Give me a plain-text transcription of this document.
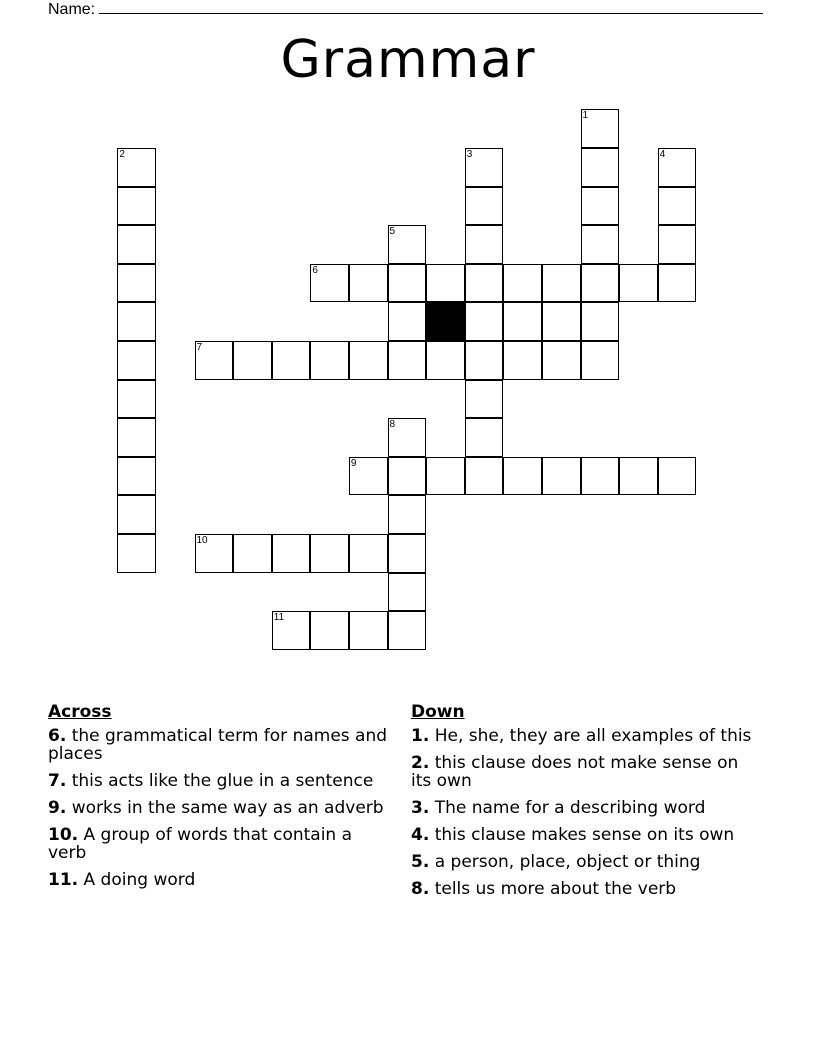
Name:
Grammar
1
2	3	4
5
6
7
8
9
10
11
Across
6. the grammatical term for names and places
7. this acts like the glue in a sentence
9. works in the same way as an adverb
10. A group of words that contain a verb
11. A doing word
Down
1. He, she, they are all examples of this
2. this clause does not make sense on its own
3. The name for a describing word
4. this clause makes sense on its own
5. a person, place, object or thing
8. tells us more about the verb
